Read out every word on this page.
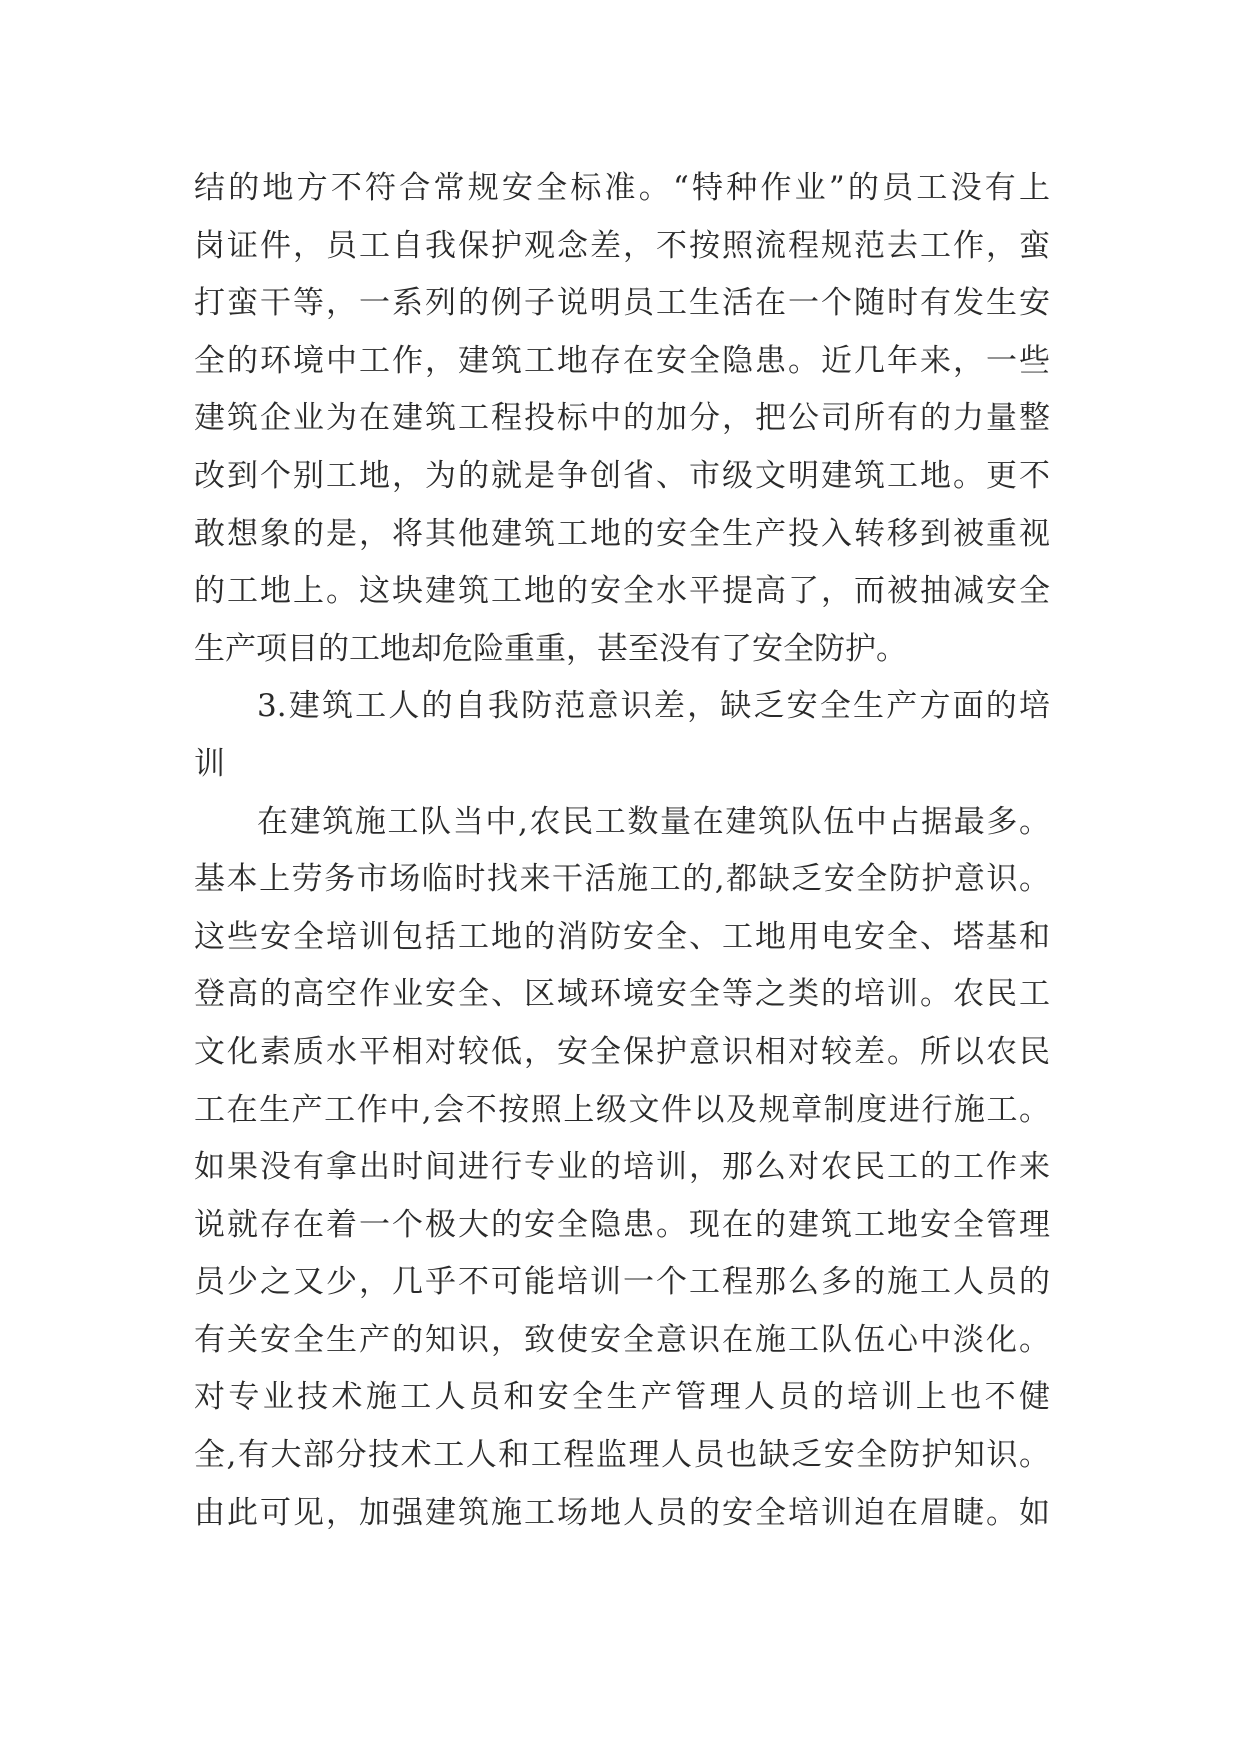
结的地方不符合常规安全标准。“特种作业”的员工没有上
岗证件，员工自我保护观念差，不按照流程规范去工作，蛮
打蛮干等，一系列的例子说明员工生活在一个随时有发生安
全的环境中工作，建筑工地存在安全隐患。近几年来，一些
建筑企业为在建筑工程投标中的加分，把公司所有的力量整
改到个别工地，为的就是争创省、市级文明建筑工地。更不
敢想象的是，将其他建筑工地的安全生产投入转移到被重视
的工地上。这块建筑工地的安全水平提高了，而被抽减安全
生产项目的工地却危险重重，甚至没有了安全防护。
3.建筑工人的自我防范意识差，缺乏安全生产方面的培
训
在建筑施工队当中,农民工数量在建筑队伍中占据最多。
基本上劳务市场临时找来干活施工的,都缺乏安全防护意识。
这些安全培训包括工地的消防安全、工地用电安全、塔基和
登高的高空作业安全、区域环境安全等之类的培训。农民工
文化素质水平相对较低，安全保护意识相对较差。所以农民
工在生产工作中,会不按照上级文件以及规章制度进行施工。
如果没有拿出时间进行专业的培训，那么对农民工的工作来
说就存在着一个极大的安全隐患。现在的建筑工地安全管理
员少之又少，几乎不可能培训一个工程那么多的施工人员的
有关安全生产的知识，致使安全意识在施工队伍心中淡化。
对专业技术施工人员和安全生产管理人员的培训上也不健
全,有大部分技术工人和工程监理人员也缺乏安全防护知识。
由此可见，加强建筑施工场地人员的安全培训迫在眉睫。如
